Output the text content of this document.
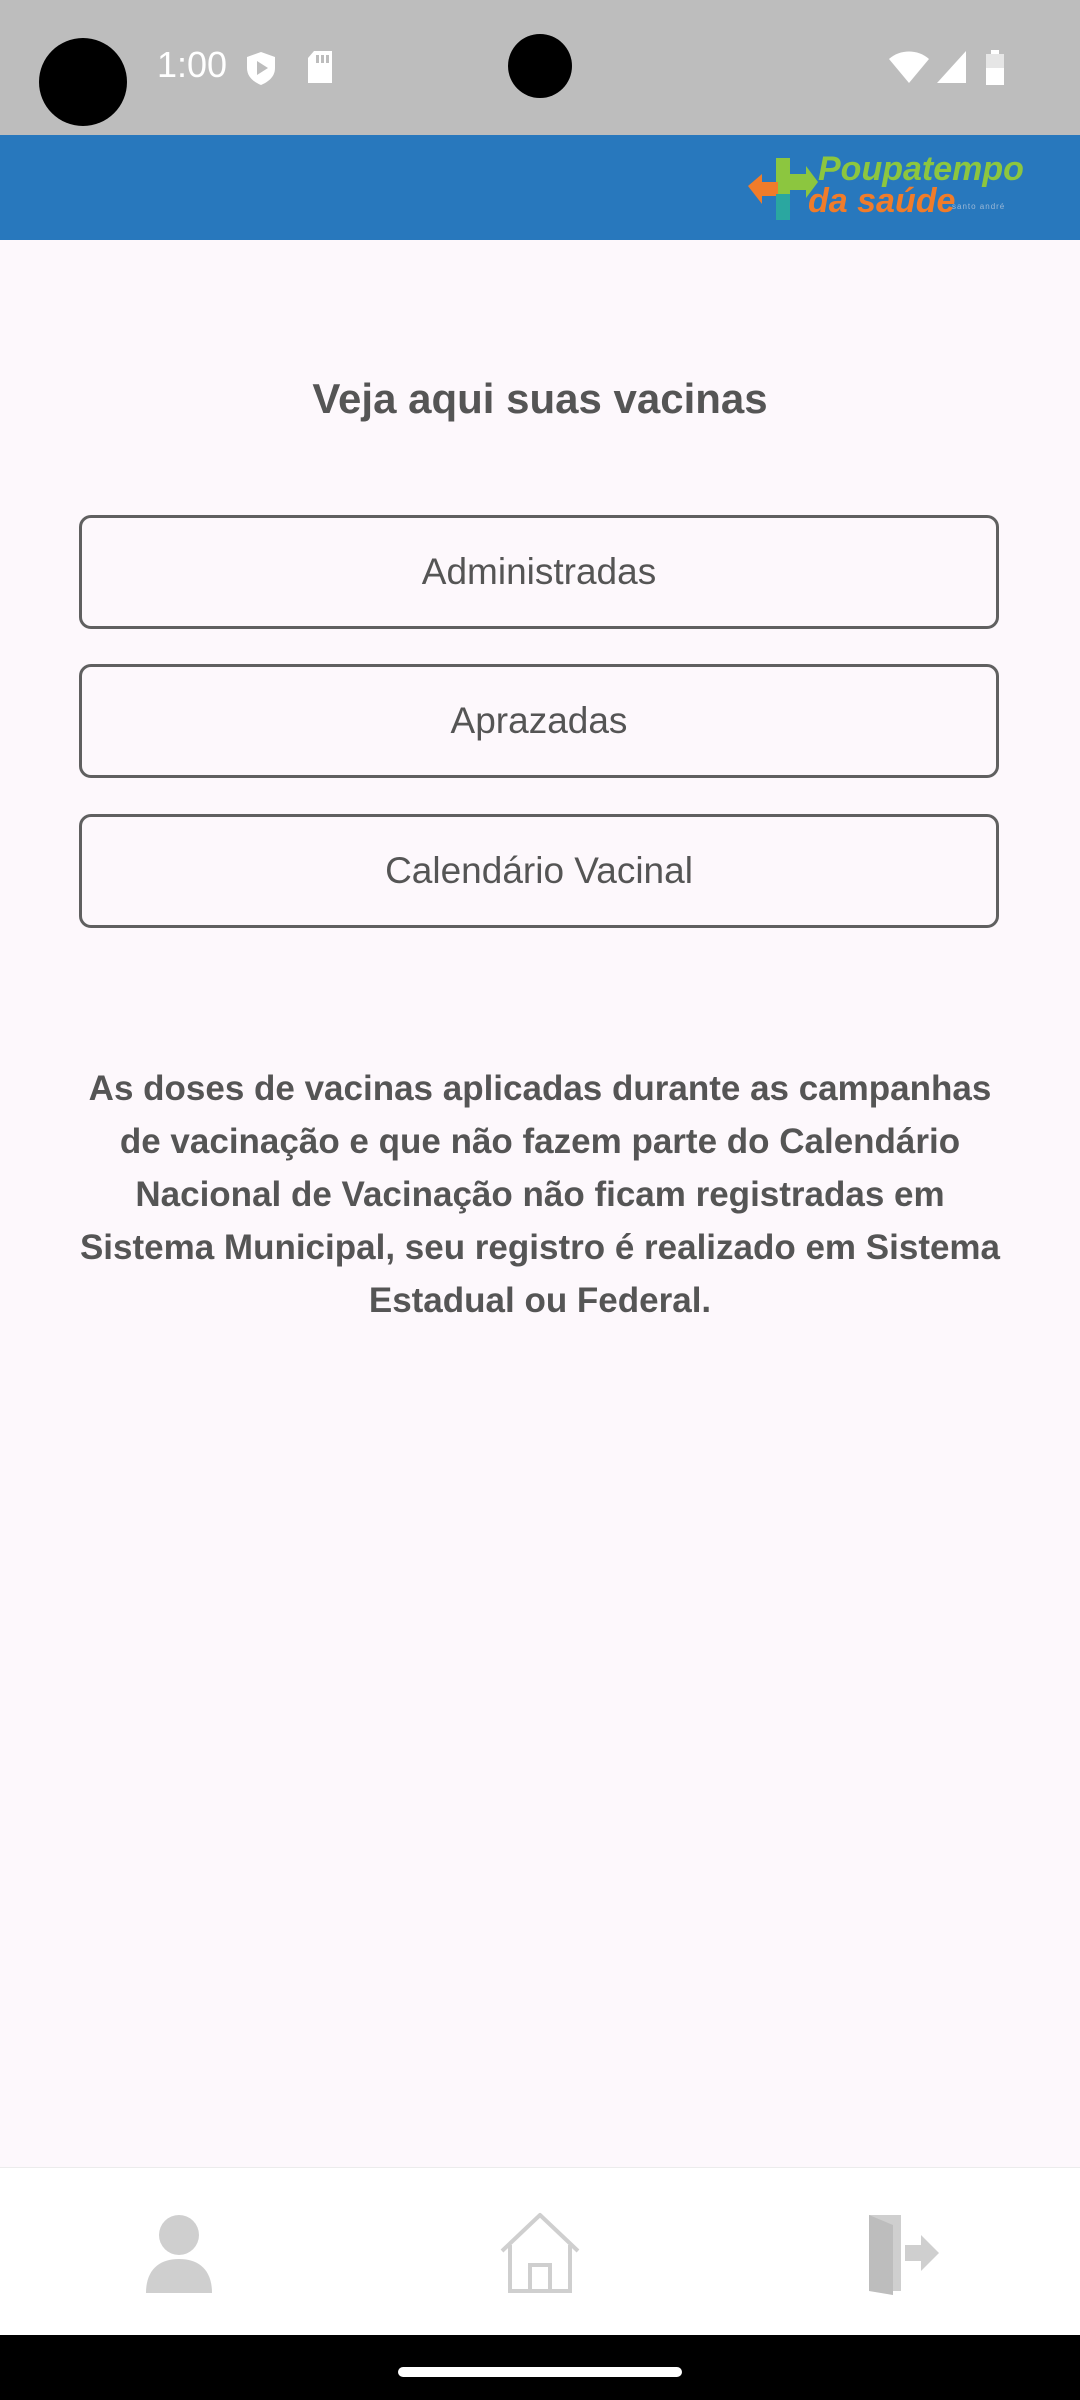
1:00
Poupatempo
da saúde
santo andré
Veja aqui suas vacinas
Administradas
Aprazadas
Calendário Vacinal
As doses de vacinas aplicadas durante as campanhas de vacinação e que não fazem parte do Calendário Nacional de Vacinação não ficam registradas em Sistema Municipal, seu registro é realizado em Sistema Estadual ou Federal.
